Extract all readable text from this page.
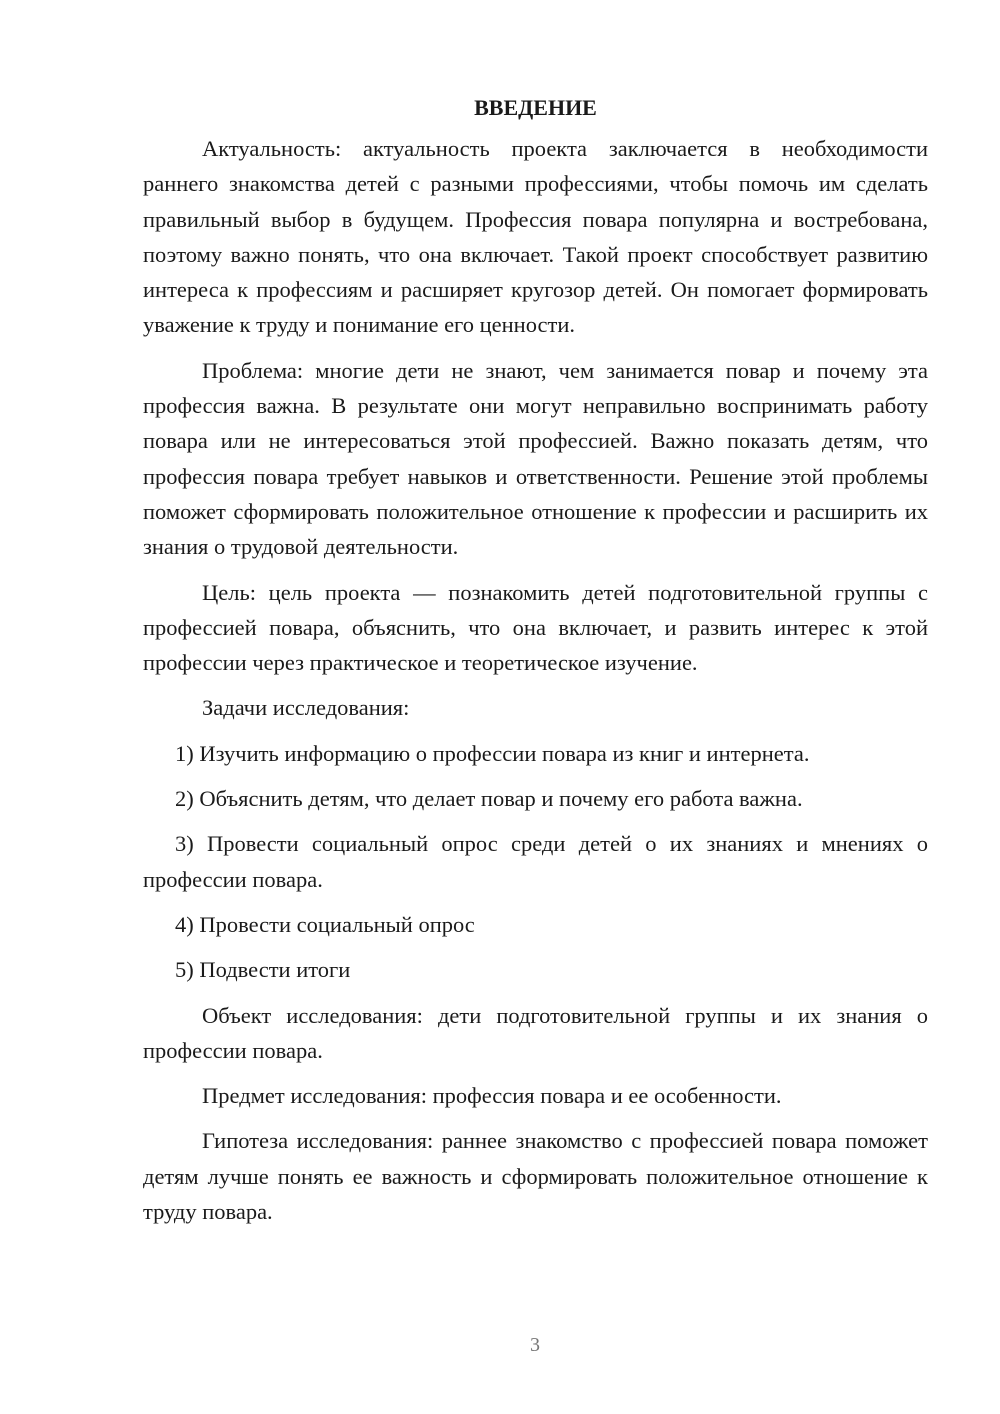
ВВЕДЕНИЕ

Актуальность: актуальность проекта заключается в необходимости раннего знакомства детей с разными профессиями, чтобы помочь им сделать правильный выбор в будущем. Профессия повара популярна и востребована, поэтому важно понять, что она включает. Такой проект способствует развитию интереса к профессиям и расширяет кругозор детей. Он помогает формировать уважение к труду и понимание его ценности.

Проблема: многие дети не знают, чем занимается повар и почему эта профессия важна. В результате они могут неправильно воспринимать работу повара или не интересоваться этой профессией. Важно показать детям, что профессия повара требует навыков и ответственности. Решение этой проблемы поможет сформировать положительное отношение к профессии и расширить их знания о трудовой деятельности.

Цель: цель проекта — познакомить детей подготовительной группы с профессией повара, объяснить, что она включает, и развить интерес к этой профессии через практическое и теоретическое изучение.

Задачи исследования:

1) Изучить информацию о профессии повара из книг и интернета.

2) Объяснить детям, что делает повар и почему его работа важна.

3) Провести социальный опрос среди детей о их знаниях и мнениях о профессии повара.

4) Провести социальный опрос

5) Подвести итоги

Объект исследования: дети подготовительной группы и их знания о профессии повара.

Предмет исследования: профессия повара и ее особенности.

Гипотеза исследования: раннее знакомство с профессией повара поможет детям лучше понять ее важность и сформировать положительное отношение к труду повара.

3
